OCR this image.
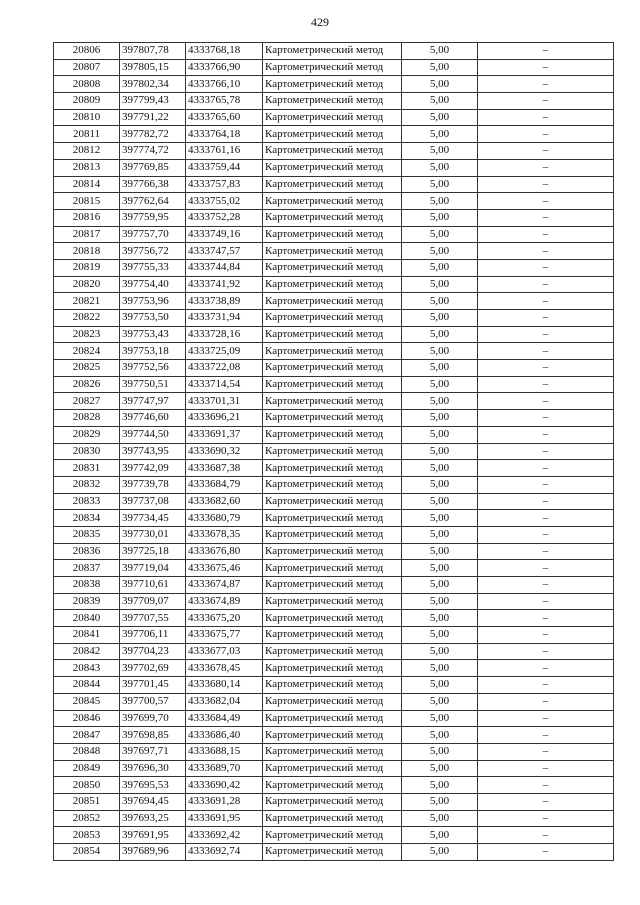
429
20806	397807,78	4333768,18	Картометрический метод	5,00	–
20807	397805,15	4333766,90	Картометрический метод	5,00	–
20808	397802,34	4333766,10	Картометрический метод	5,00	–
20809	397799,43	4333765,78	Картометрический метод	5,00	–
20810	397791,22	4333765,60	Картометрический метод	5,00	–
20811	397782,72	4333764,18	Картометрический метод	5,00	–
20812	397774,72	4333761,16	Картометрический метод	5,00	–
20813	397769,85	4333759,44	Картометрический метод	5,00	–
20814	397766,38	4333757,83	Картометрический метод	5,00	–
20815	397762,64	4333755,02	Картометрический метод	5,00	–
20816	397759,95	4333752,28	Картометрический метод	5,00	–
20817	397757,70	4333749,16	Картометрический метод	5,00	–
20818	397756,72	4333747,57	Картометрический метод	5,00	–
20819	397755,33	4333744,84	Картометрический метод	5,00	–
20820	397754,40	4333741,92	Картометрический метод	5,00	–
20821	397753,96	4333738,89	Картометрический метод	5,00	–
20822	397753,50	4333731,94	Картометрический метод	5,00	–
20823	397753,43	4333728,16	Картометрический метод	5,00	–
20824	397753,18	4333725,09	Картометрический метод	5,00	–
20825	397752,56	4333722,08	Картометрический метод	5,00	–
20826	397750,51	4333714,54	Картометрический метод	5,00	–
20827	397747,97	4333701,31	Картометрический метод	5,00	–
20828	397746,60	4333696,21	Картометрический метод	5,00	–
20829	397744,50	4333691,37	Картометрический метод	5,00	–
20830	397743,95	4333690,32	Картометрический метод	5,00	–
20831	397742,09	4333687,38	Картометрический метод	5,00	–
20832	397739,78	4333684,79	Картометрический метод	5,00	–
20833	397737,08	4333682,60	Картометрический метод	5,00	–
20834	397734,45	4333680,79	Картометрический метод	5,00	–
20835	397730,01	4333678,35	Картометрический метод	5,00	–
20836	397725,18	4333676,80	Картометрический метод	5,00	–
20837	397719,04	4333675,46	Картометрический метод	5,00	–
20838	397710,61	4333674,87	Картометрический метод	5,00	–
20839	397709,07	4333674,89	Картометрический метод	5,00	–
20840	397707,55	4333675,20	Картометрический метод	5,00	–
20841	397706,11	4333675,77	Картометрический метод	5,00	–
20842	397704,23	4333677,03	Картометрический метод	5,00	–
20843	397702,69	4333678,45	Картометрический метод	5,00	–
20844	397701,45	4333680,14	Картометрический метод	5,00	–
20845	397700,57	4333682,04	Картометрический метод	5,00	–
20846	397699,70	4333684,49	Картометрический метод	5,00	–
20847	397698,85	4333686,40	Картометрический метод	5,00	–
20848	397697,71	4333688,15	Картометрический метод	5,00	–
20849	397696,30	4333689,70	Картометрический метод	5,00	–
20850	397695,53	4333690,42	Картометрический метод	5,00	–
20851	397694,45	4333691,28	Картометрический метод	5,00	–
20852	397693,25	4333691,95	Картометрический метод	5,00	–
20853	397691,95	4333692,42	Картометрический метод	5,00	–
20854	397689,96	4333692,74	Картометрический метод	5,00	–
